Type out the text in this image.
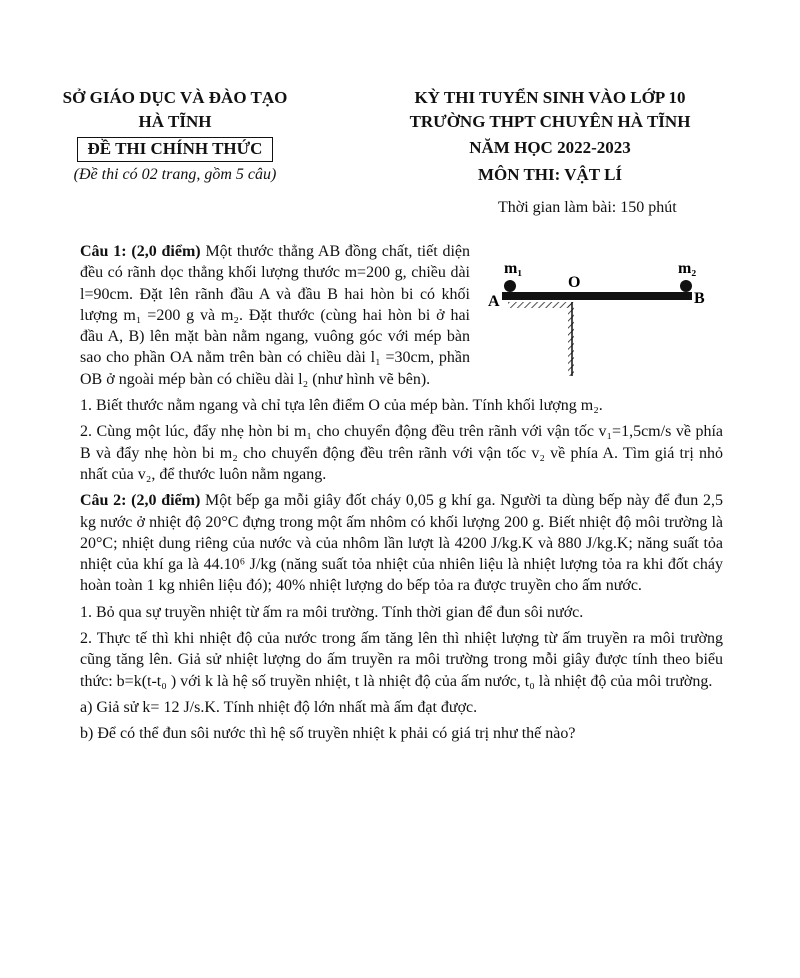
SỞ GIÁO DỤC VÀ ĐÀO TẠO
HÀ TĨNH
ĐỀ THI CHÍNH THỨC
(Đề thi có 02 trang, gồm 5 câu)
KỲ THI TUYỂN SINH VÀO LỚP 10
TRƯỜNG THPT CHUYÊN HÀ TĨNH
NĂM HỌC 2022-2023
MÔN THI: VẬT LÍ
Thời gian làm bài: 150 phút
m₁	m₂
O
A	B

Câu 1: (2,0 điểm) Một thước thẳng AB đồng chất, tiết diện đều có rãnh dọc thẳng khối lượng thước m=200 g, chiều dài l=90cm. Đặt lên rãnh đầu A và đầu B hai hòn bi có khối lượng m₁ =200 g và m₂. Đặt thước (cùng hai hòn bi ở hai đầu A, B) lên mặt bàn nằm ngang, vuông góc với mép bàn sao cho phần OA nằm trên bàn có chiều dài l₁ =30cm, phần OB ở ngoài mép bàn có chiều dài l₂ (như hình vẽ bên).

1. Biết thước nằm ngang và chỉ tựa lên điểm O của mép bàn. Tính khối lượng m₂.

2. Cùng một lúc, đẩy nhẹ hòn bi m₁ cho chuyển động đều trên rãnh với vận tốc v₁=1,5cm/s về phía B và đẩy nhẹ hòn bi m₂ cho chuyển động đều trên rãnh với vận tốc v₂ về phía A. Tìm giá trị nhỏ nhất của v₂, để thước luôn nằm ngang.

Câu 2: (2,0 điểm) Một bếp ga mỗi giây đốt cháy 0,05 g khí ga. Người ta dùng bếp này để đun 2,5 kg nước ở nhiệt độ 20°C đựng trong một ấm nhôm có khối lượng 200 g. Biết nhiệt độ môi trường là 20°C; nhiệt dung riêng của nước và của nhôm lần lượt là 4200 J/kg.K và 880 J/kg.K; năng suất tỏa nhiệt của khí ga là 44.10⁶ J/kg (năng suất tỏa nhiệt của nhiên liệu là nhiệt lượng tỏa ra khi đốt cháy hoàn toàn 1 kg nhiên liệu đó); 40% nhiệt lượng do bếp tỏa ra được truyền cho ấm nước.

1. Bỏ qua sự truyền nhiệt từ ấm ra môi trường. Tính thời gian để đun sôi nước.

2. Thực tế thì khi nhiệt độ của nước trong ấm tăng lên thì nhiệt lượng từ ấm truyền ra môi trường cũng tăng lên. Giả sử nhiệt lượng do ấm truyền ra môi trường trong mỗi giây được tính theo biểu thức: b=k(t-t₀ ) với k là hệ số truyền nhiệt, t là nhiệt độ của ấm nước, t₀ là nhiệt độ của môi trường.

a) Giả sử k= 12 J/s.K. Tính nhiệt độ lớn nhất mà ấm đạt được.

b) Để có thể đun sôi nước thì hệ số truyền nhiệt k phải có giá trị như thế nào?
